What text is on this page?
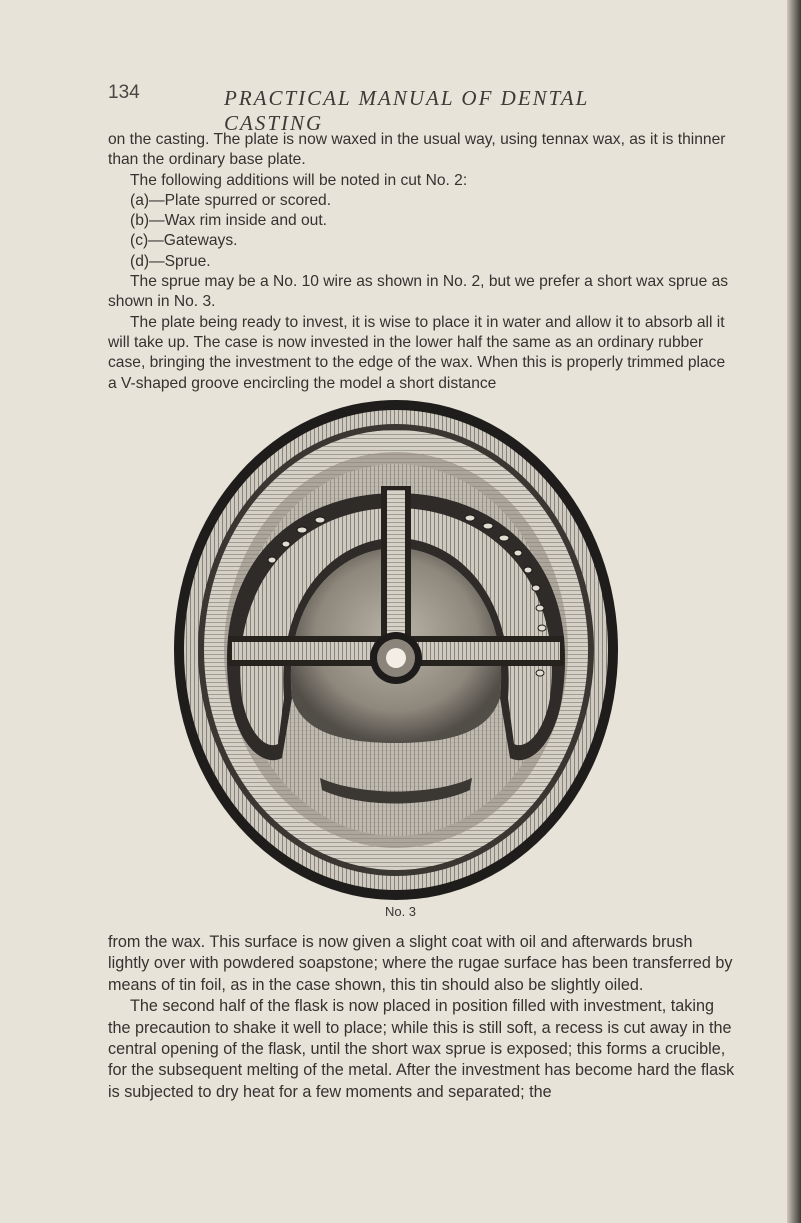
134	PRACTICAL MANUAL OF DENTAL CASTING

on the casting. The plate is now waxed in the usual way, using tennax wax, as it is thinner than the ordinary base plate.

The following additions will be noted in cut No. 2:

(a)—Plate spurred or scored.

(b)—Wax rim inside and out.

(c)—Gateways.

(d)—Sprue.

The sprue may be a No. 10 wire as shown in No. 2, but we prefer a short wax sprue as shown in No. 3.

The plate being ready to invest, it is wise to place it in water and allow it to absorb all it will take up. The case is now invested in the lower half the same as an ordinary rubber case, bringing the investment to the edge of the wax. When this is properly trimmed place a V-shaped groove encircling the model a short distance

No. 3

from the wax. This surface is now given a slight coat with oil and afterwards brush lightly over with powdered soapstone; where the rugae surface has been transferred by means of tin foil, as in the case shown, this tin should also be slightly oiled.

The second half of the flask is now placed in position filled with investment, taking the precaution to shake it well to place; while this is still soft, a recess is cut away in the central opening of the flask, until the short wax sprue is exposed; this forms a crucible, for the subsequent melting of the metal. After the investment has become hard the flask is subjected to dry heat for a few moments and separated; the
